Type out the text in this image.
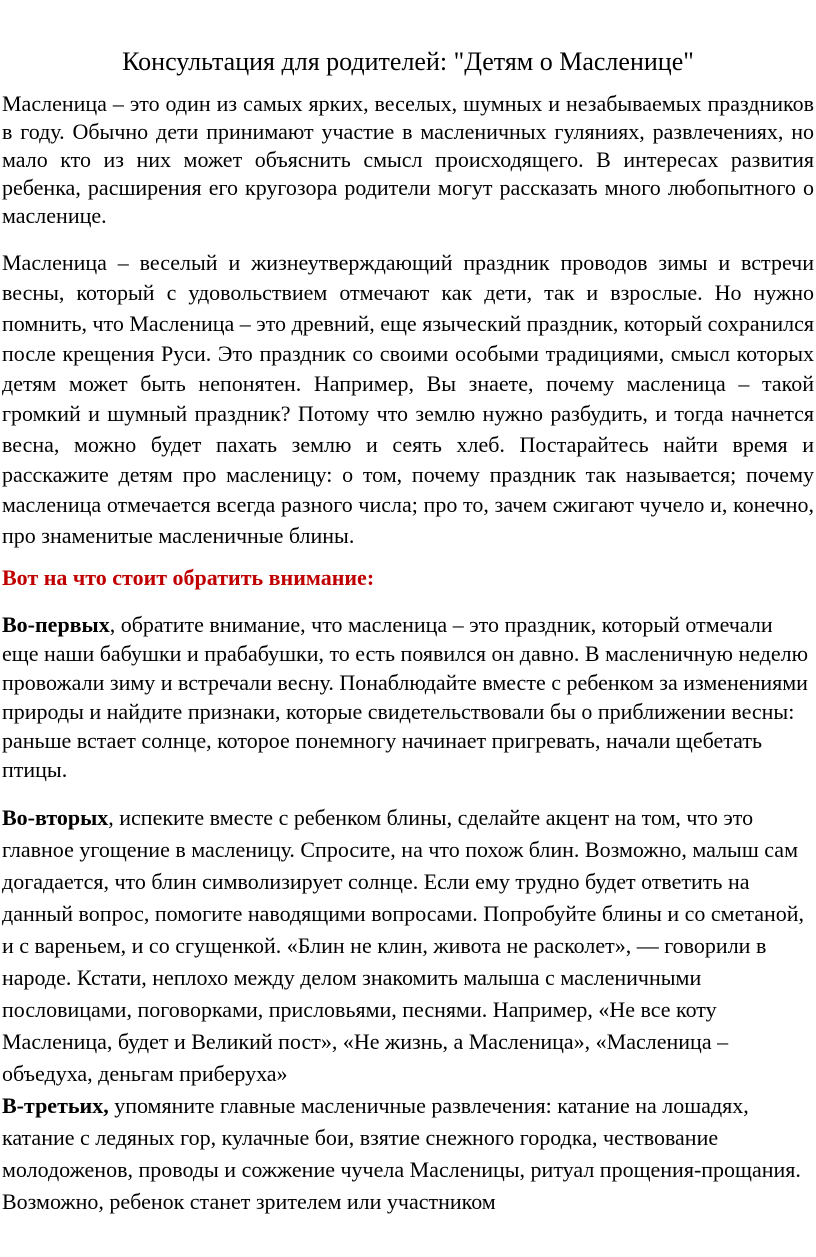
Консультация для родителей: "Детям о Масленице"

Масленица – это один из самых ярких, веселых, шумных и незабываемых праздников в году. Обычно дети принимают участие в масленичных гуляниях, развлечениях, но мало кто из них может объяснить смысл происходящего. В интересах развития ребенка, расширения его кругозора родители могут рассказать много любопытного о масленице.

Масленица – веселый и жизнеутверждающий праздник проводов зимы и встречи весны, который с удовольствием отмечают как дети, так и взрослые. Но нужно помнить, что Масленица – это древний, еще языческий праздник, который сохранился после крещения Руси. Это праздник со своими особыми традициями, смысл которых детям может быть непонятен. Например, Вы знаете, почему масленица – такой громкий и шумный праздник? Потому что землю нужно разбудить, и тогда начнется весна, можно будет пахать землю и сеять хлеб. Постарайтесь найти время и расскажите детям про масленицу: о том, почему праздник так называется; почему масленица отмечается всегда разного числа; про то, зачем сжигают чучело и, конечно, про знаменитые масленичные блины.

Вот на что стоит обратить внимание:

Во-первых, обратите внимание, что масленица – это праздник, который отмечали еще наши бабушки и прабабушки, то есть появился он давно. В масленичную неделю провожали зиму и встречали весну. Понаблюдайте вместе с ребенком за изменениями природы и найдите признаки, которые свидетельствовали бы о приближении весны: раньше встает солнце, которое понемногу начинает пригревать, начали щебетать птицы.

Во-вторых, испеките вместе с ребенком блины, сделайте акцент на том, что это главное угощение в масленицу. Спросите, на что похож блин. Возможно, малыш сам догадается, что блин символизирует солнце. Если ему трудно будет ответить на данный вопрос, помогите наводящими вопросами. Попробуйте блины и со сметаной, и с вареньем, и со сгущенкой. «Блин не клин, живота не расколет», — говорили в народе. Кстати, неплохо между делом знакомить малыша с масленичными пословицами, поговорками, присловьями, песнями. Например, «Не все коту Масленица, будет и Великий пост», «Не жизнь, а Масленица», «Масленица – объедуха, деньгам приберуха»

В-третьих, упомяните главные масленичные развлечения: катание на лошадях, катание с ледяных гор, кулачные бои, взятие снежного городка, чествование молодоженов, проводы и сожжение чучела Масленицы, ритуал прощения-прощания. Возможно, ребенок станет зрителем или участником
